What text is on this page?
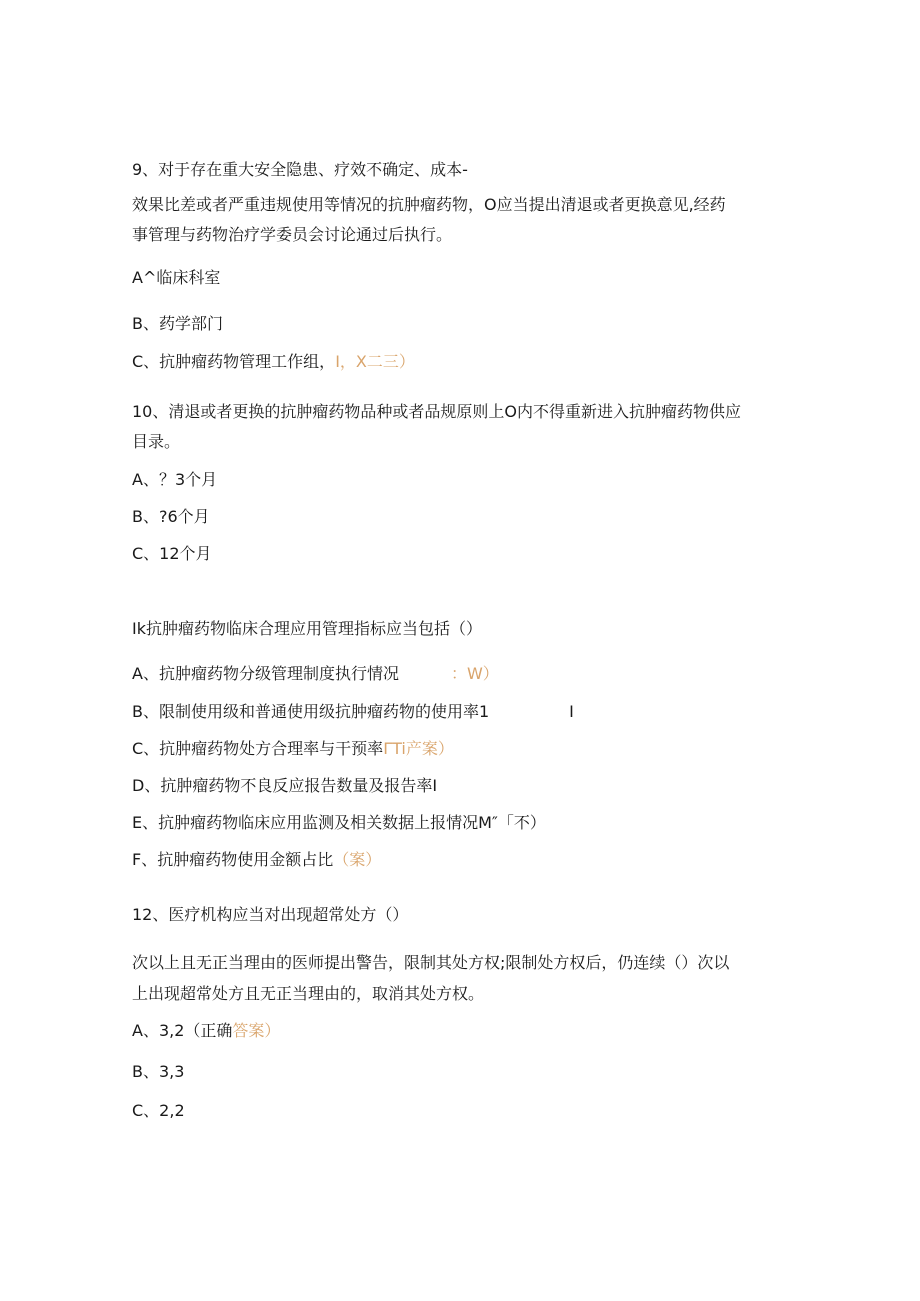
9、对于存在重大安全隐患、疗效不确定、成本-
效果比差或者严重违规使用等情况的抗肿瘤药物，O应当提出清退或者更换意见,经药
事管理与药物治疗学委员会讨论通过后执行。
A^临床科室
B、药学部门
C、抗肿瘤药物管理工作组，I，X二三）
10、清退或者更换的抗肿瘤药物品种或者品规原则上O内不得重新进入抗肿瘤药物供应
目录。
A、？3个月
B、?6个月
C、12个月
Ik抗肿瘤药物临床合理应用管理指标应当包括（）
A、抗肿瘤药物分级管理制度执行情况	：W）
B、限制使用级和普通使用级抗肿瘤药物的使用率1	I
C、抗肿瘤药物处方合理率与干预率ΓTi产案）
D、抗肿瘤药物不良反应报告数量及报告率I
E、抗肿瘤药物临床应用监测及相关数据上报情况M″「不）
F、抗肿瘤药物使用金额占比（案）
12、医疗机构应当对出现超常处方（）
次以上且无正当理由的医师提出警告，限制其处方权;限制处方权后，仍连续（）次以
上出现超常处方且无正当理由的，取消其处方权。
A、3,2（正确答案）
B、3,3
C、2,2
